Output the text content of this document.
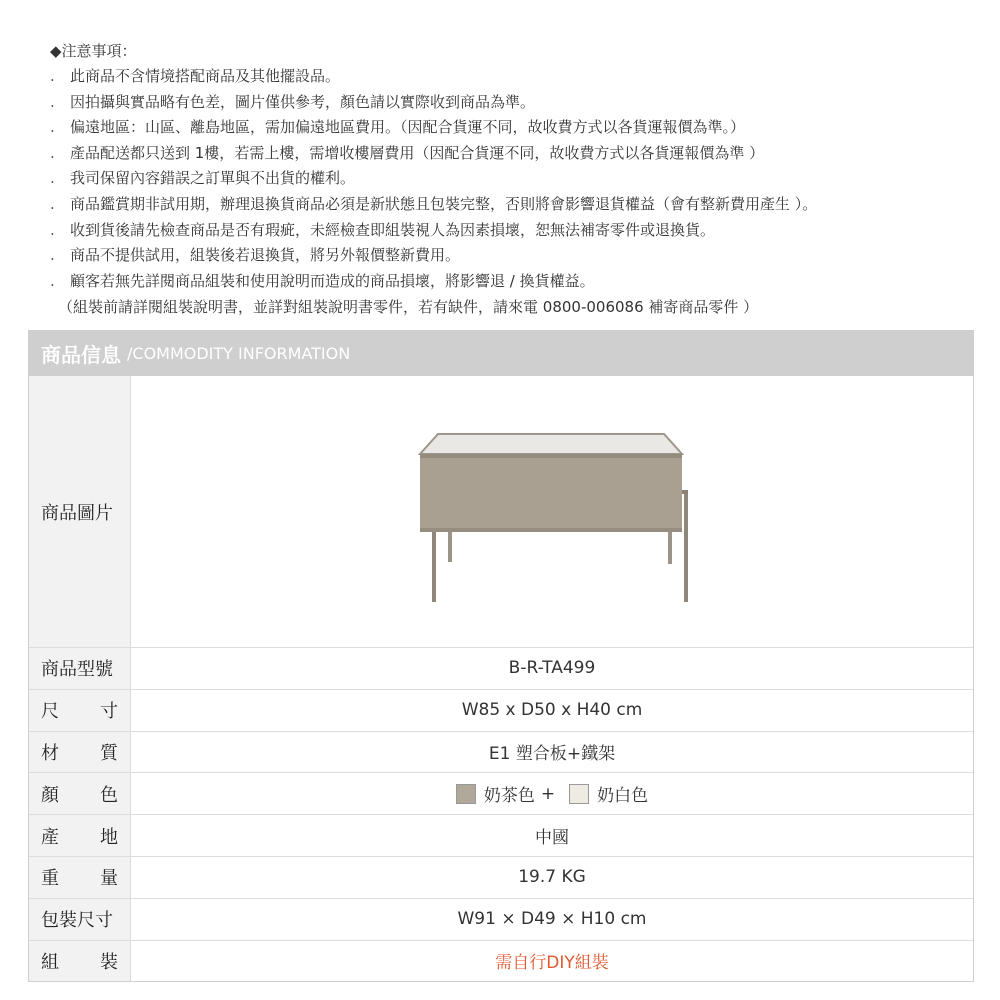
◆注意事項：
. 此商品不含情境搭配商品及其他擺設品。
. 因拍攝與實品略有色差，圖片僅供參考，顏色請以實際收到商品為準。
. 偏遠地區：山區、離島地區，需加偏遠地區費用。（因配合貨運不同，故收費方式以各貨運報價為準。）
. 產品配送都只送到 1樓，若需上樓，需增收樓層費用（因配合貨運不同，故收費方式以各貨運報價為準 ）
. 我司保留內容錯誤之訂單與不出貨的權利。
. 商品鑑賞期非試用期，辦理退換貨商品必須是新狀態且包裝完整，否則將會影響退貨權益（會有整新費用產生 ）。
. 收到貨後請先檢查商品是否有瑕疵，未經檢查即組裝視人為因素損壞，恕無法補寄零件或退換貨。
. 商品不提供試用，組裝後若退換貨，將另外報價整新費用。
. 顧客若無先詳閱商品組裝和使用說明而造成的商品損壞，將影響退 / 換貨權益。
（組裝前請詳閱組裝說明書，並詳對組裝說明書零件，若有缺件，請來電 0800-006086 補寄商品零件 ）
商品信息 /COMMODITY INFORMATION
商品圖片
商品型號	B-R-TA499
尺 寸	W85 x D50 x H40 cm
材 質	E1 塑合板+鐵架
顏 色	奶茶色 + 奶白色
產 地	中國
重 量	19.7 KG
包裝尺寸	W91 × D49 × H10 cm
組 裝	需自行DIY組裝
